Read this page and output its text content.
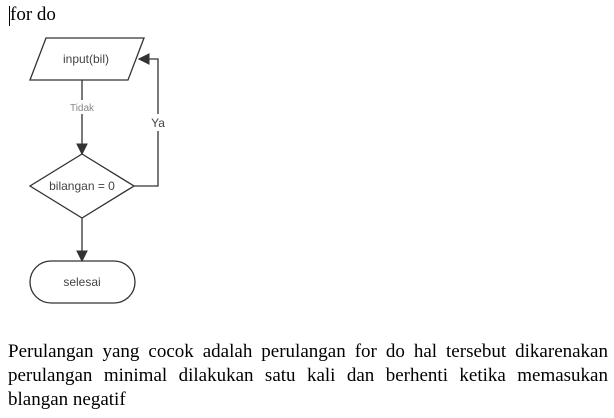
for do
input(bil)
Tidak
bilangan = 0
Ya
selesai

Perulangan yang cocok adalah perulangan for do hal tersebut dikarenakan perulangan minimal dilakukan satu kali dan berhenti ketika memasukan blangan negatif
